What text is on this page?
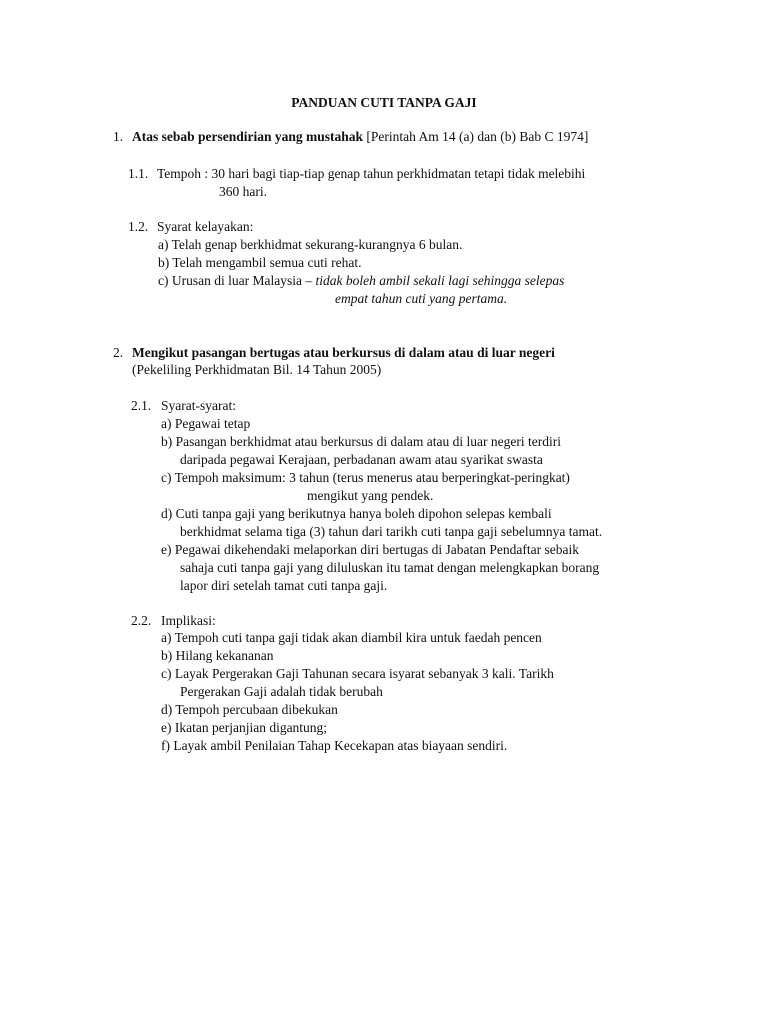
PANDUAN CUTI TANPA GAJI
1. Atas sebab persendirian yang mustahak [Perintah Am 14 (a) dan (b) Bab C 1974]
1.1. Tempoh : 30 hari bagi tiap-tiap genap tahun perkhidmatan tetapi tidak melebihi
360 hari.
1.2. Syarat kelayakan:
a) Telah genap berkhidmat sekurang-kurangnya 6 bulan.
b) Telah mengambil semua cuti rehat.
c) Urusan di luar Malaysia – tidak boleh ambil sekali lagi sehingga selepas
empat tahun cuti yang pertama.
2. Mengikut pasangan bertugas atau berkursus di dalam atau di luar negeri
(Pekeliling Perkhidmatan Bil. 14 Tahun 2005)
2.1. Syarat-syarat:
a) Pegawai tetap
b) Pasangan berkhidmat atau berkursus di dalam atau di luar negeri terdiri
daripada pegawai Kerajaan, perbadanan awam atau syarikat swasta
c) Tempoh maksimum: 3 tahun (terus menerus atau berperingkat-peringkat)
mengikut yang pendek.
d) Cuti tanpa gaji yang berikutnya hanya boleh dipohon selepas kembali
berkhidmat selama tiga (3) tahun dari tarikh cuti tanpa gaji sebelumnya tamat.
e) Pegawai dikehendaki melaporkan diri bertugas di Jabatan Pendaftar sebaik
sahaja cuti tanpa gaji yang diluluskan itu tamat dengan melengkapkan borang
lapor diri setelah tamat cuti tanpa gaji.
2.2. Implikasi:
a) Tempoh cuti tanpa gaji tidak akan diambil kira untuk faedah pencen
b) Hilang kekananan
c) Layak Pergerakan Gaji Tahunan secara isyarat sebanyak 3 kali. Tarikh
Pergerakan Gaji adalah tidak berubah
d) Tempoh percubaan dibekukan
e) Ikatan perjanjian digantung;
f) Layak ambil Penilaian Tahap Kecekapan atas biayaan sendiri.
